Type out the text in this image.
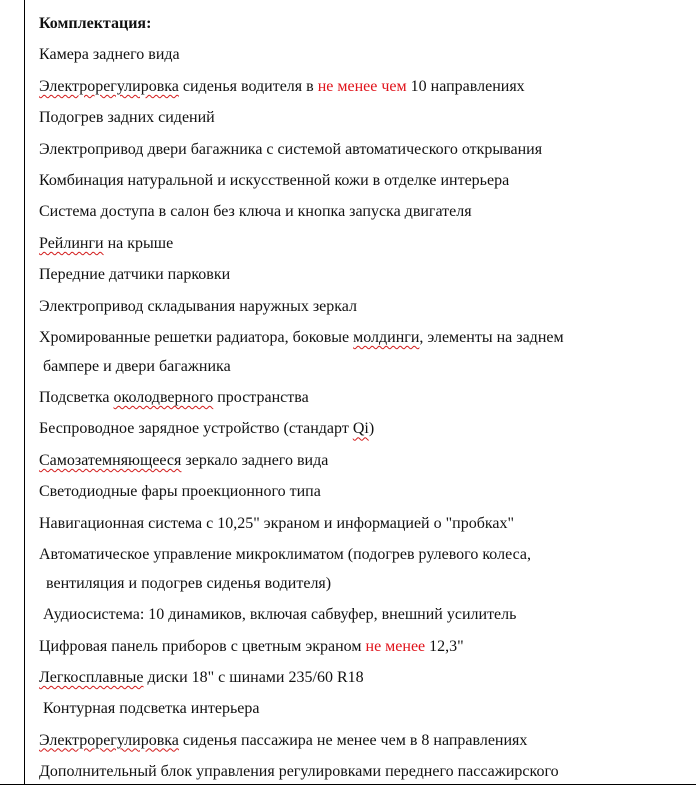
Комплектация:
Камера заднего вида
Электрорегулировка сиденья водителя в не менее чем 10 направлениях
Подогрев задних сидений
Электропривод двери багажника с системой автоматического открывания
Комбинация натуральной и искусственной кожи в отделке интерьера
Система доступа в салон без ключа и кнопка запуска двигателя
Рейлинги на крыше
Передние датчики парковки
Электропривод складывания наружных зеркал
Хромированные решетки радиатора, боковые молдинги, элементы на заднем
бампере и двери багажника
Подсветка околодверного пространства
Беспроводное зарядное устройство (стандарт Qi)
Самозатемняющееся зеркало заднего вида
Светодиодные фары проекционного типа
Навигационная система с 10,25" экраном и информацией о "пробках"
Автоматическое управление микроклиматом (подогрев рулевого колеса,
вентиляция и подогрев сиденья водителя)
Аудиосистема: 10 динамиков, включая сабвуфер, внешний усилитель
Цифровая панель приборов с цветным экраном не менее 12,3"
Легкосплавные диски 18" с шинами 235/60 R18
Контурная подсветка интерьера
Электрорегулировка сиденья пассажира не менее чем в 8 направлениях
Дополнительный блок управления регулировками переднего пассажирского
